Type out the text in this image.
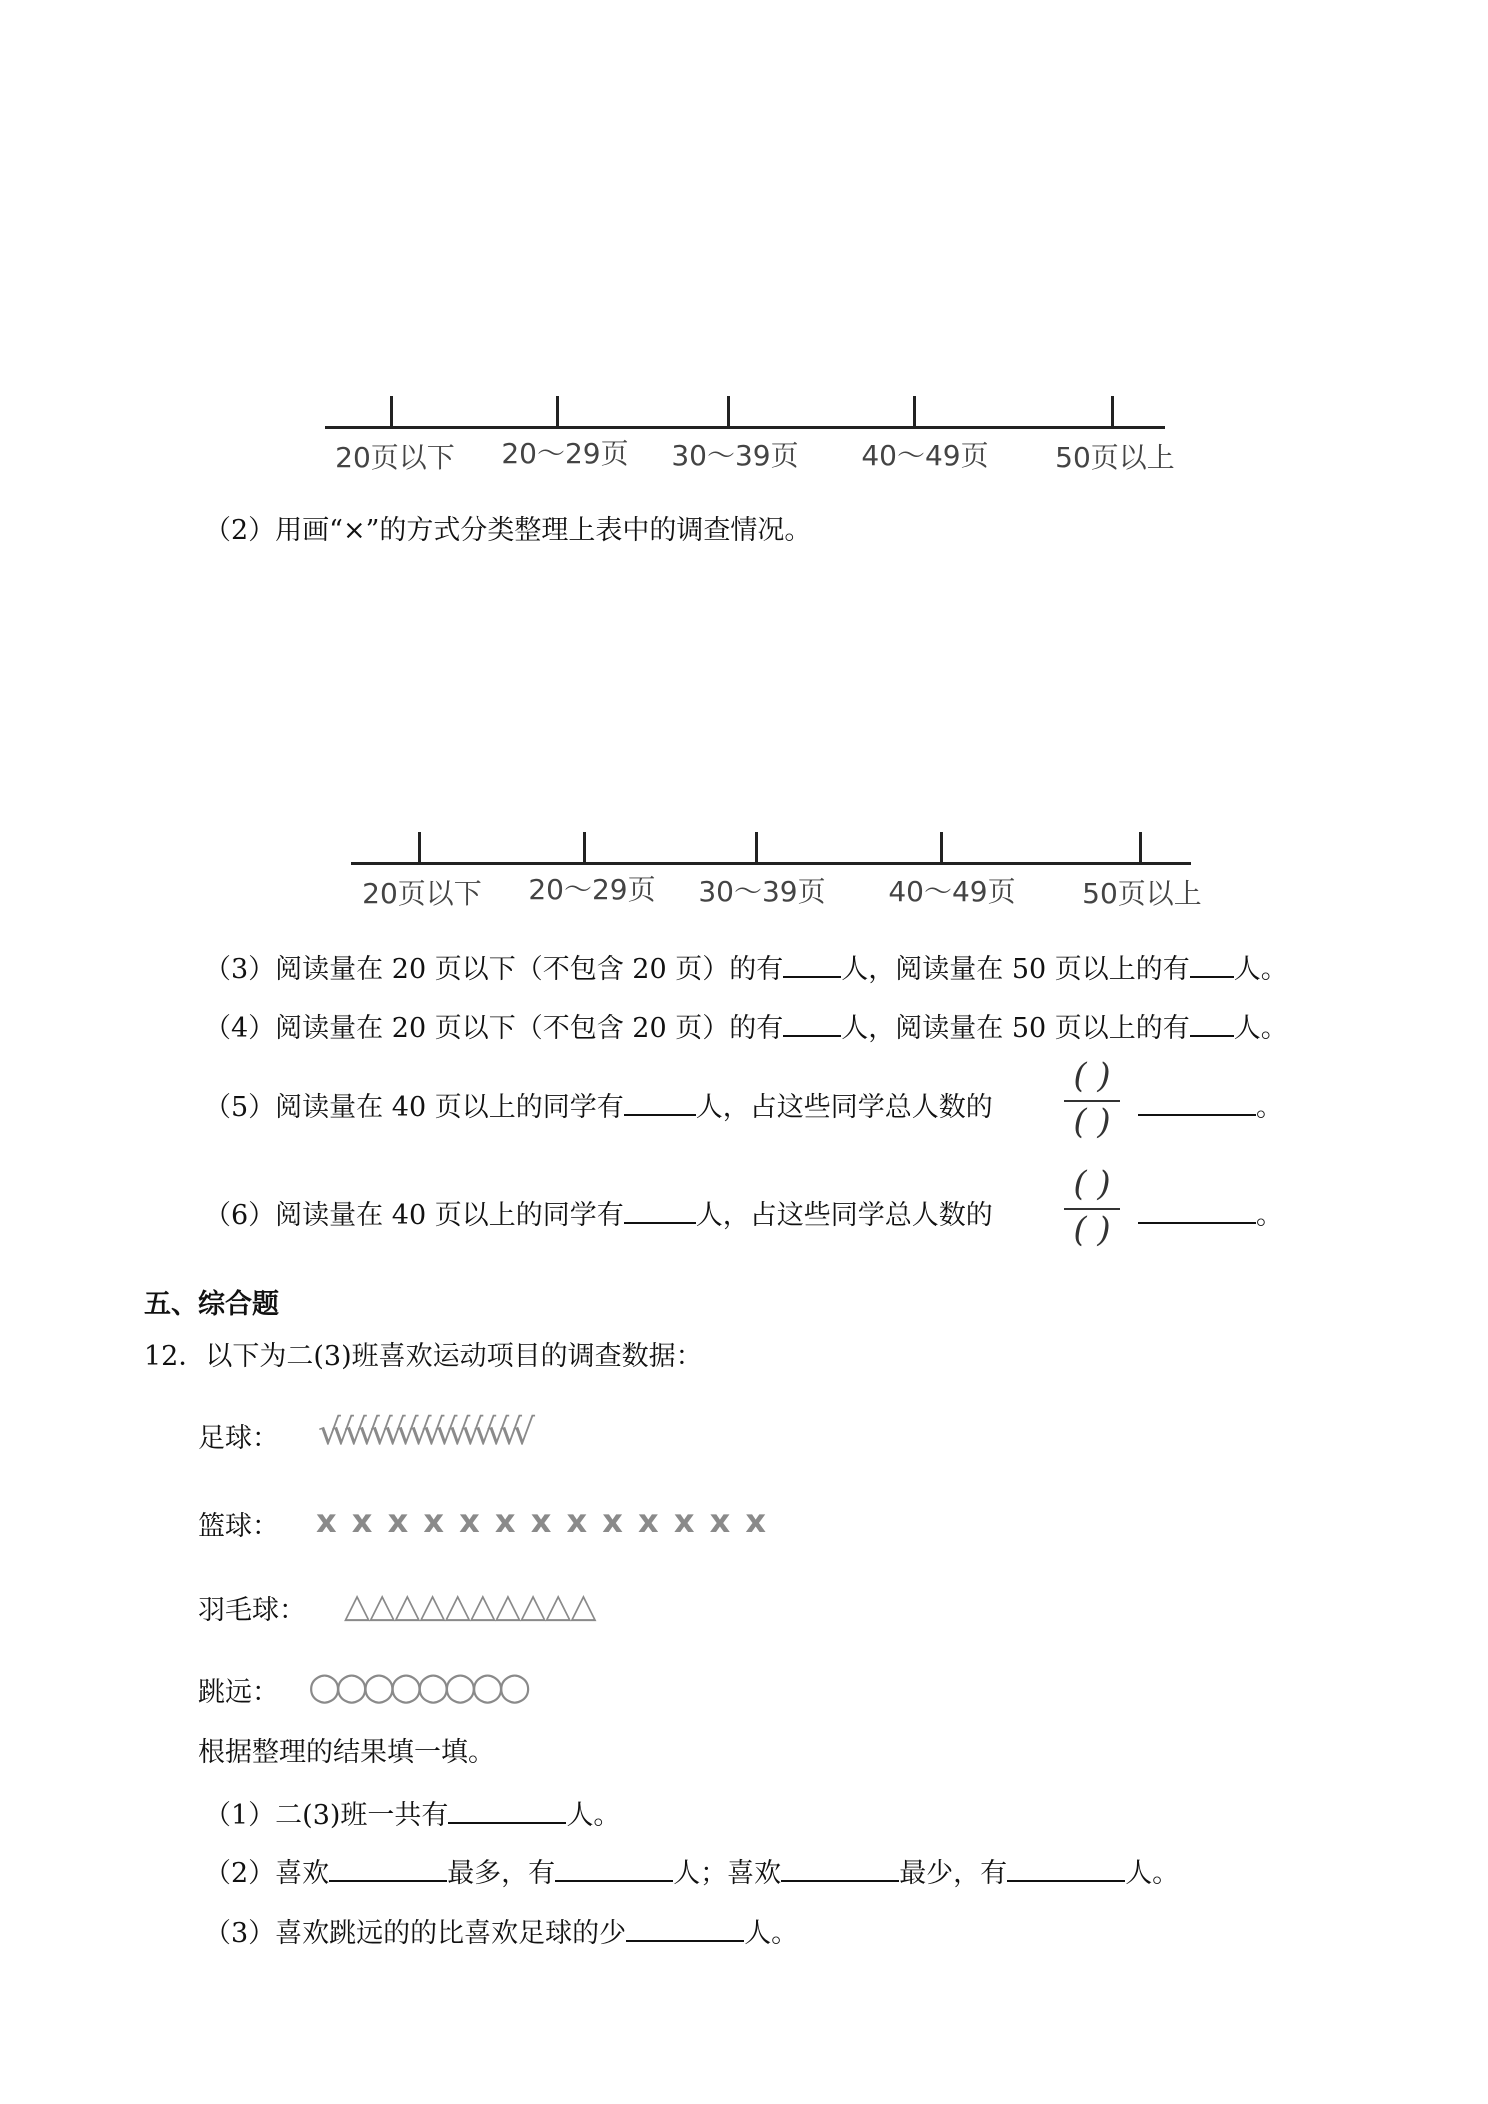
20页以下 20～29页 30～39页 40～49页 50页以上
（2）用画“×”的方式分类整理上表中的调查情况。
20页以下 20～29页 30～39页 40～49页 50页以上
（3）阅读量在 20 页以下（不包含 20 页）的有 人，阅读量在 50 页以上的有 人。
（4）阅读量在 20 页以下（不包含 20 页）的有 人，阅读量在 50 页以上的有 人。
（5）阅读量在 40 页以上的同学有	人，占这些同学总人数的
( )
( )	。
（6）阅读量在 40 页以上的同学有	人，占这些同学总人数的
( )
( )	。
五、综合题
12．以下为二(3)班喜欢运动项目的调查数据：
足球： √√√√√√√√√√√√√√√√
篮球： x x x x x x x x x x x x x
羽毛球： △△△△△△△△△△
跳远： ○○○○○○○○
根据整理的结果填一填。
（1）二(3)班一共有	人。
（2）喜欢	最多，有	人；喜欢	最少，有	人。
（3）喜欢跳远的的比喜欢足球的少	人。
